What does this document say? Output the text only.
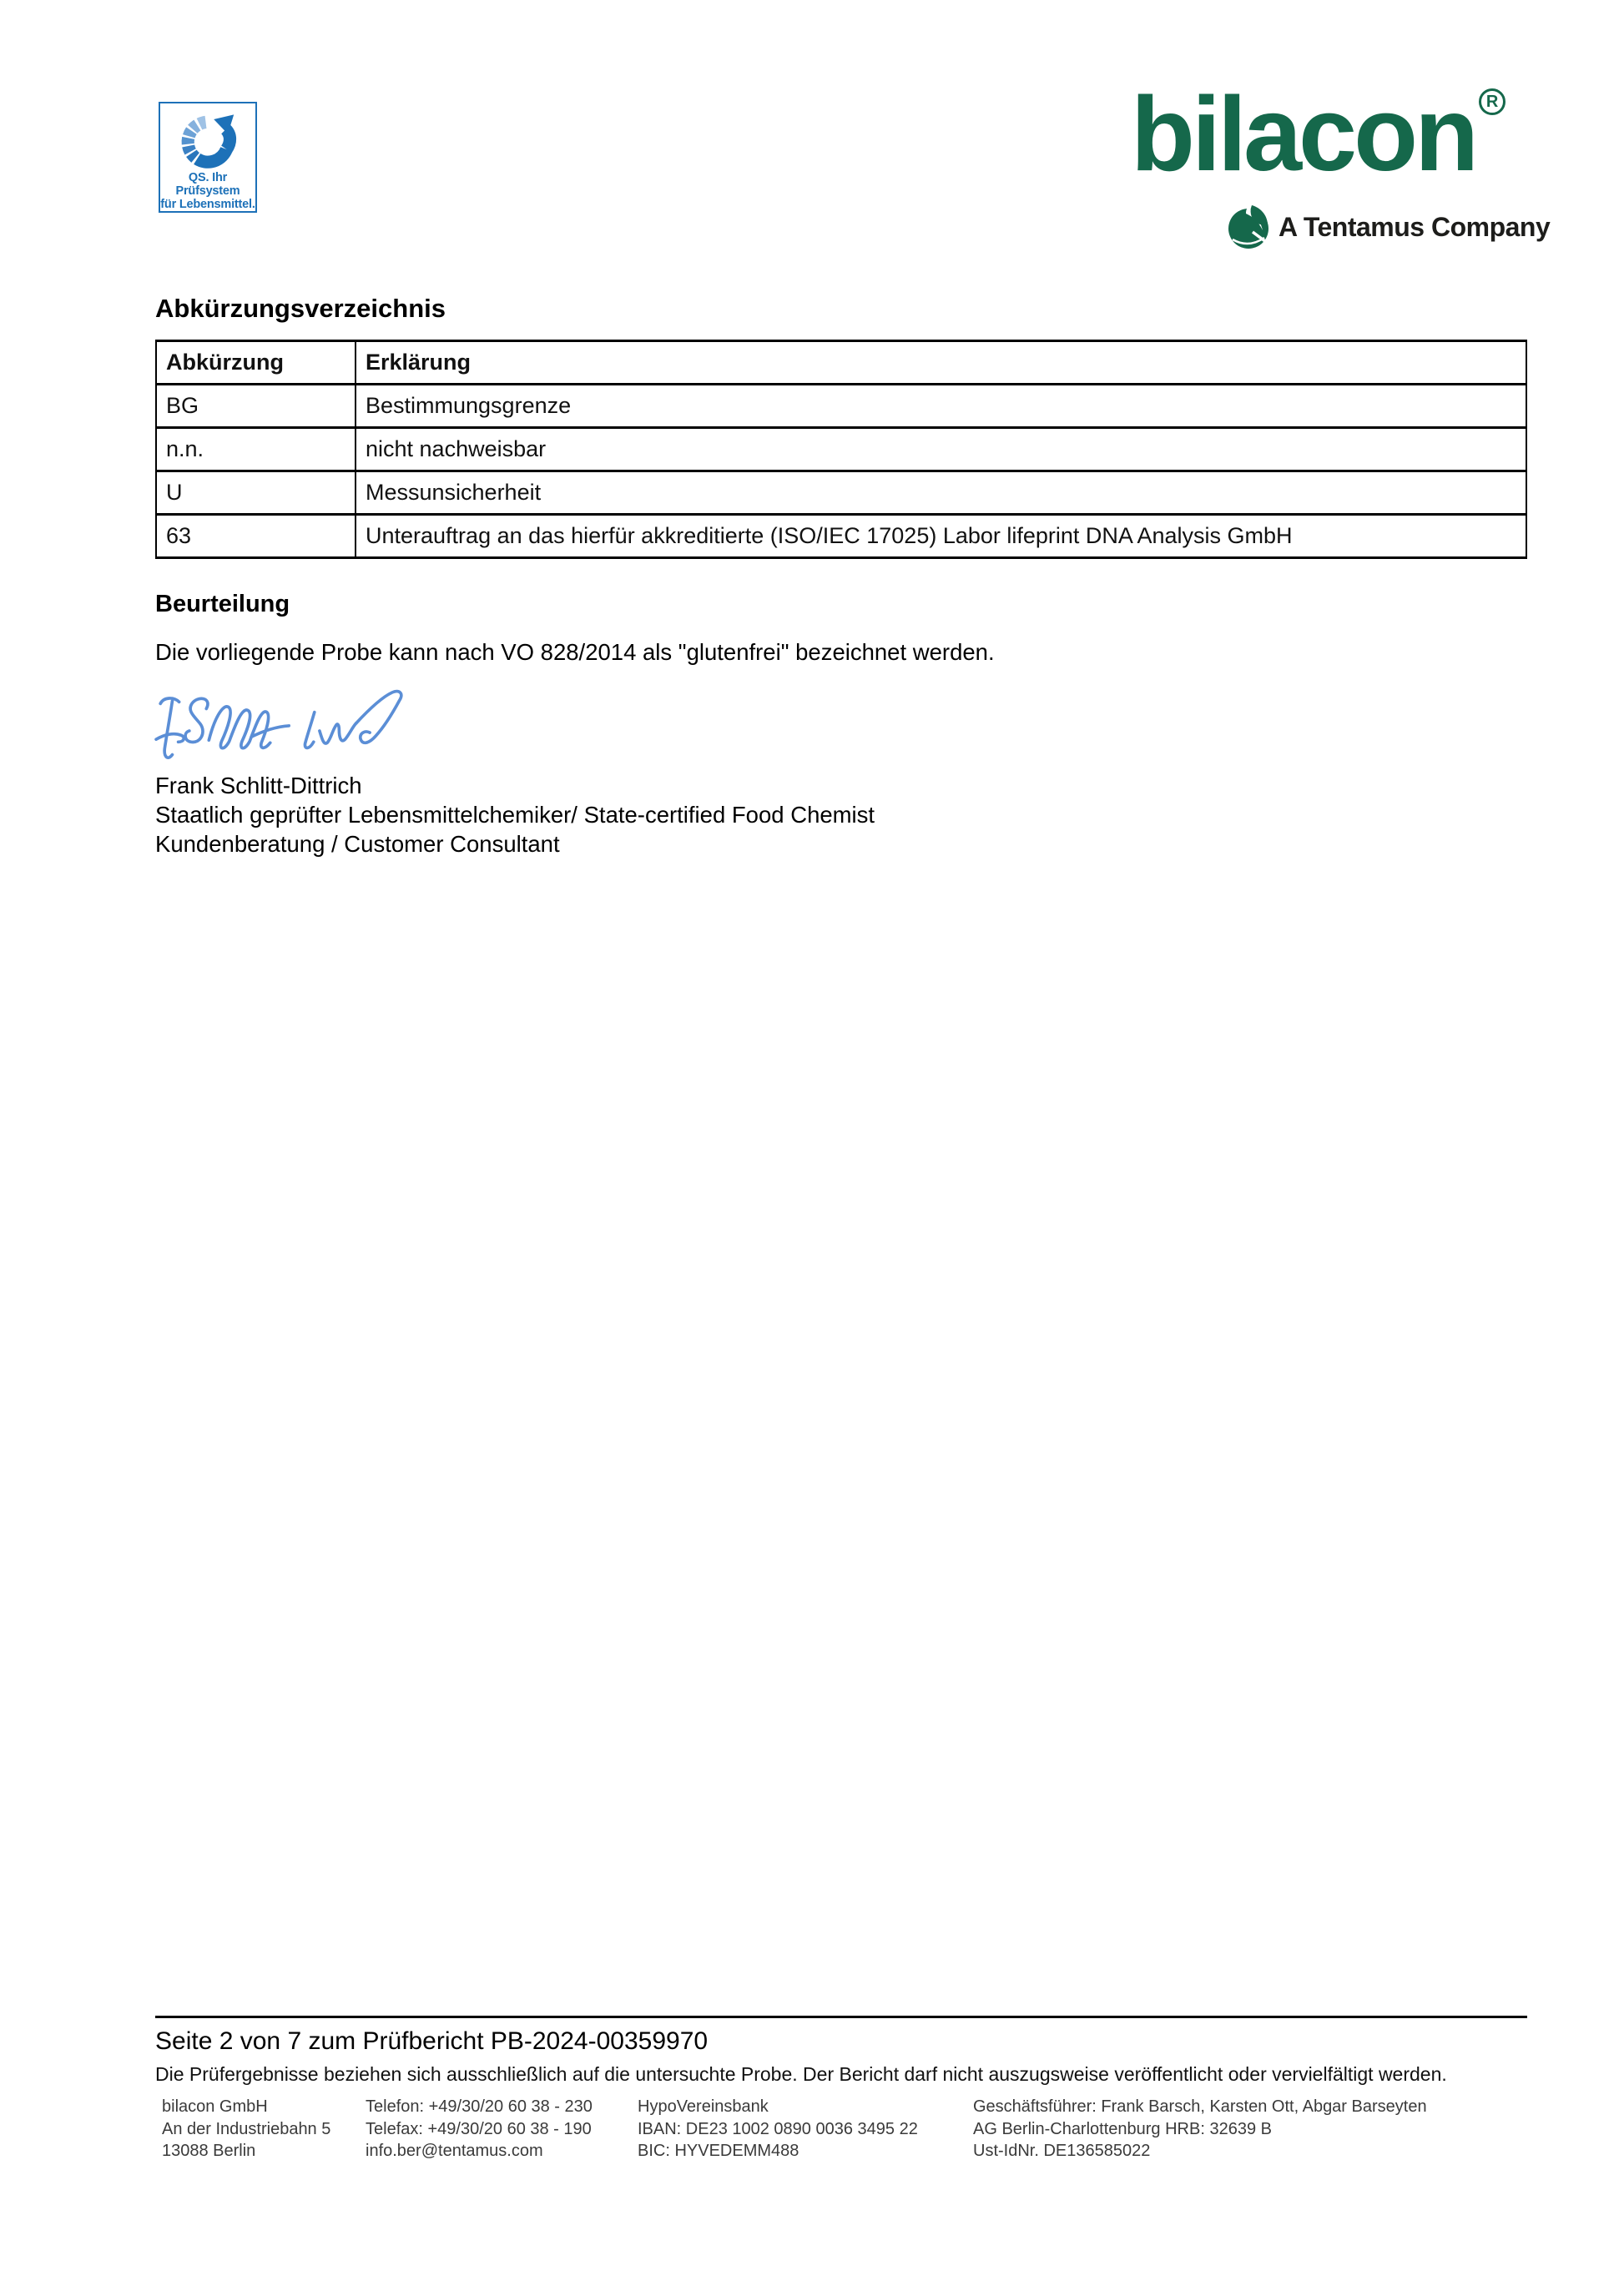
QS. Ihr Prüfsystem
für Lebensmittel.
bilacon R
A Tentamus Company
Abkürzungsverzeichnis
Abkürzung	Erklärung
BG	Bestimmungsgrenze
n.n.	nicht nachweisbar
U	Messunsicherheit
63	Unterauftrag an das hierfür akkreditierte (ISO/IEC 17025) Labor lifeprint DNA Analysis GmbH
Beurteilung
Die vorliegende Probe kann nach VO 828/2014 als "glutenfrei" bezeichnet werden.
Frank Schlitt-Dittrich
Staatlich geprüfter Lebensmittelchemiker/ State-certified Food Chemist
Kundenberatung / Customer Consultant
Seite 2 von 7 zum Prüfbericht PB-2024-00359970
Die Prüfergebnisse beziehen sich ausschließlich auf die untersuchte Probe. Der Bericht darf nicht auszugsweise veröffentlicht oder vervielfältigt werden.
bilacon GmbH
An der Industriebahn 5
13088 Berlin
Telefon: +49/30/20 60 38 - 230
Telefax: +49/30/20 60 38 - 190
info.ber@tentamus.com
HypoVereinsbank
IBAN: DE23 1002 0890 0036 3495 22
BIC: HYVEDEMM488
Geschäftsführer: Frank Barsch, Karsten Ott, Abgar Barseyten
AG Berlin-Charlottenburg HRB: 32639 B
Ust-IdNr. DE136585022
